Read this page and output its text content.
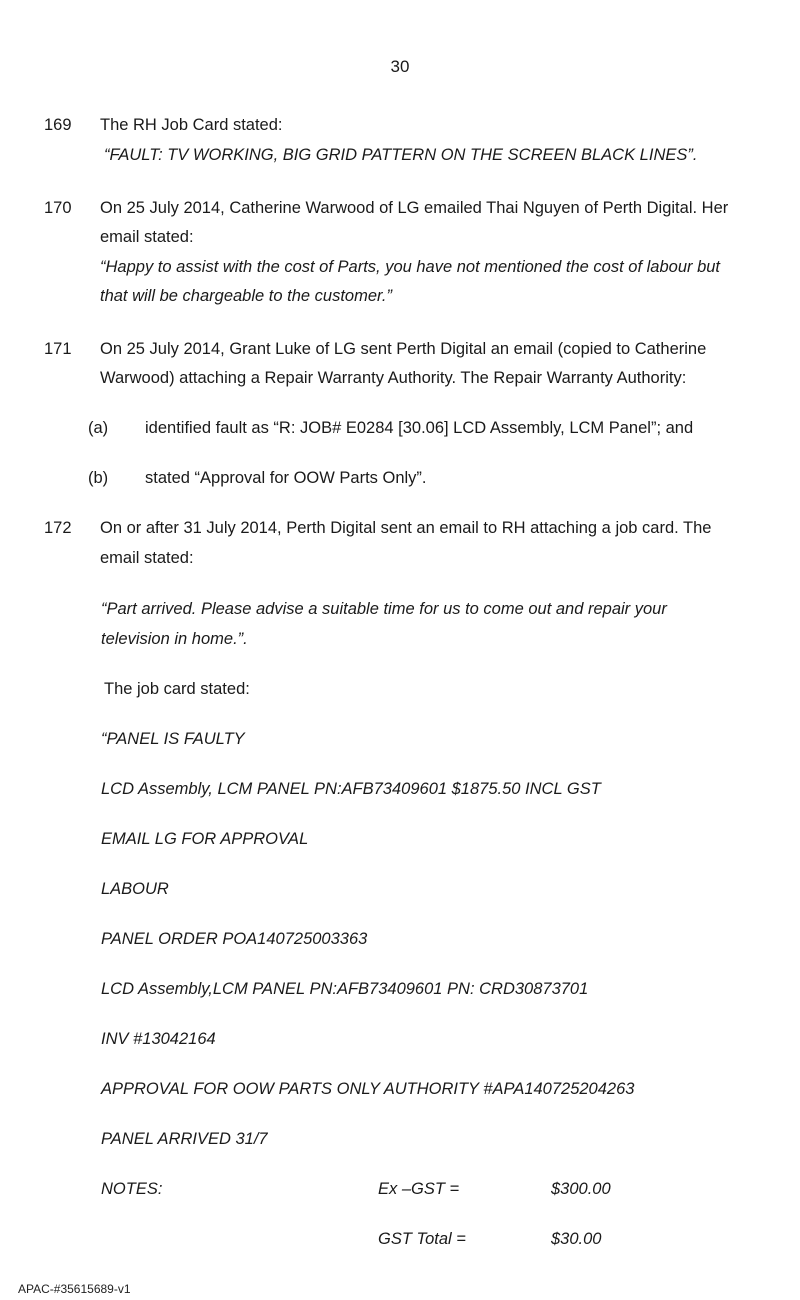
30
169 The RH Job Card stated:
“FAULT: TV WORKING, BIG GRID PATTERN ON THE SCREEN BLACK LINES”.
170 On 25 July 2014, Catherine Warwood of LG emailed Thai Nguyen of Perth Digital. Her
email stated:
“Happy to assist with the cost of Parts, you have not mentioned the cost of labour but
that will be chargeable to the customer.”
171 On 25 July 2014, Grant Luke of LG sent Perth Digital an email (copied to Catherine
Warwood) attaching a Repair Warranty Authority. The Repair Warranty Authority:
(a) identified fault as “R: JOB# E0284 [30.06] LCD Assembly, LCM Panel”; and
(b) stated “Approval for OOW Parts Only”.
172 On or after 31 July 2014, Perth Digital sent an email to RH attaching a job card. The
email stated:
“Part arrived. Please advise a suitable time for us to come out and repair your
television in home.”.
The job card stated:
“PANEL IS FAULTY
LCD Assembly, LCM PANEL PN:AFB73409601 $1875.50 INCL GST
EMAIL LG FOR APPROVAL
LABOUR
PANEL ORDER POA140725003363
LCD Assembly,LCM PANEL PN:AFB73409601 PN: CRD30873701
INV #13042164
APPROVAL FOR OOW PARTS ONLY AUTHORITY #APA140725204263
PANEL ARRIVED 31/7
NOTES:	Ex –GST =	$300.00
GST Total =	$30.00
APAC-#35615689-v1
